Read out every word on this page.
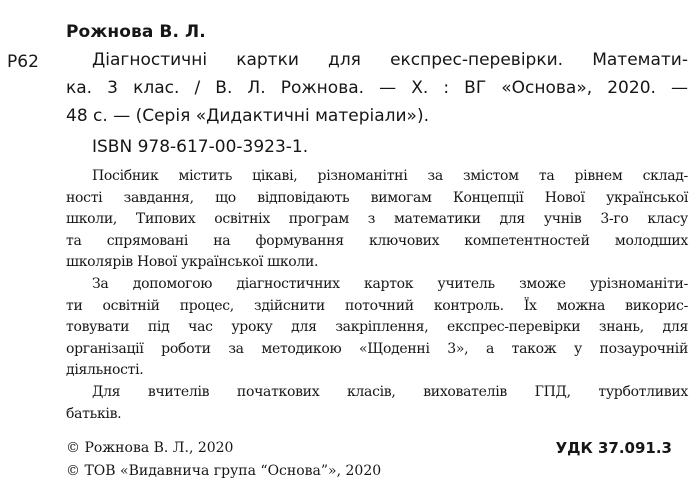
Рожнова В. Л.
Р62	Діагностичні картки для експрес-перевірки. Математи-
ка. 3 клас. / В. Л. Рожнова. — Х. : ВГ «Основа», 2020. —
48 с. — (Серія «Дидактичні матеріали»).
ISBN 978-617-00-3923-1.
Посібник містить цікаві, різноманітні за змістом та рівнем склад-
ності завдання, що відповідають вимогам Концепції Нової української
школи, Типових освітніх програм з математики для учнів 3-го класу
та спрямовані на формування ключових компетентностей молодших
школярів Нової української школи.
За допомогою діагностичних карток учитель зможе урізноманіти-
ти освітній процес, здійснити поточний контроль. Їх можна викорис-
товувати під час уроку для закріплення, експрес-перевірки знань, для
організації роботи за методикою «Щоденні 3», а також у позаурочній
діяльності.
Для вчителів початкових класів, вихователів ГПД, турботливих
батьків.
© Рожнова В. Л., 2020
© ТОВ «Видавнича група “Основа”», 2020
УДК 37.091.3
